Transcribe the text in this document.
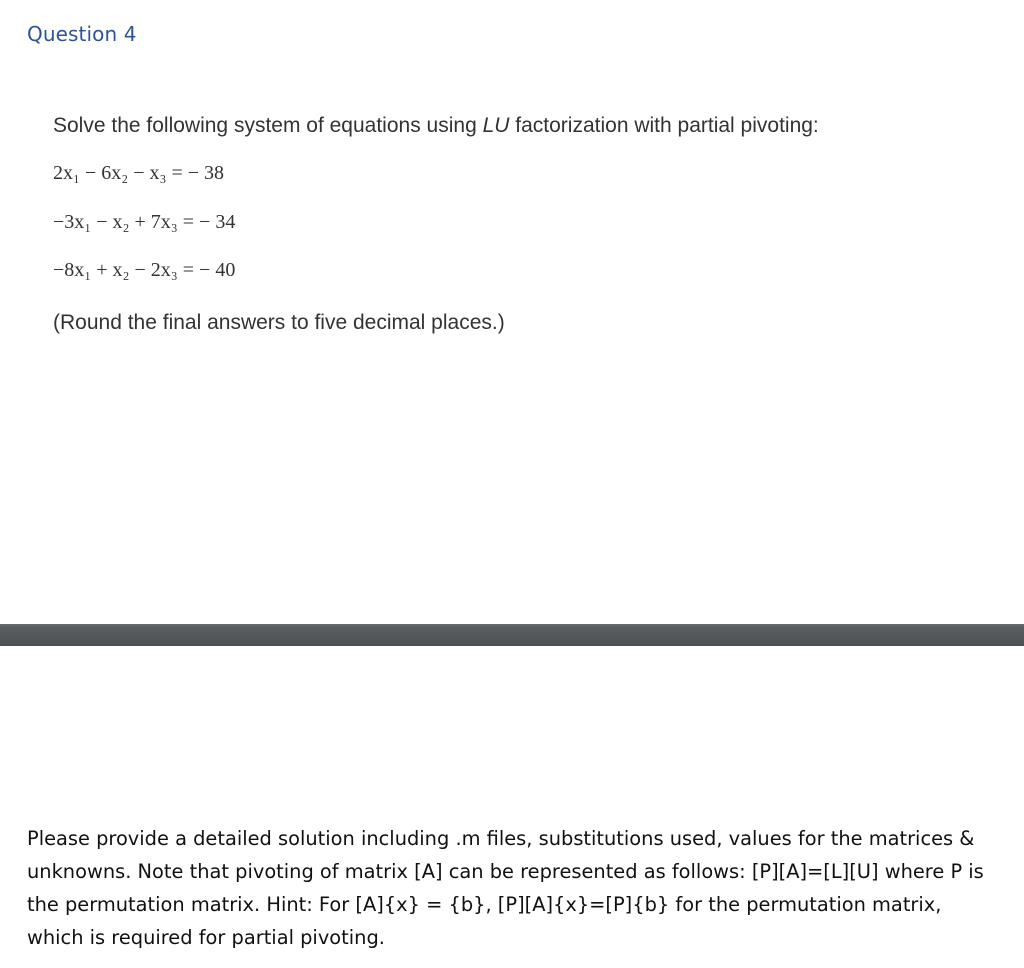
Question 4
Solve the following system of equations using LU factorization with partial pivoting:
2x₁ − 6x₂ − x₃ = − 38
−3x₁ − x₂ + 7x₃ = − 34
−8x₁ + x₂ − 2x₃ = − 40
(Round the final answers to five decimal places.)
Please provide a detailed solution including .m files, substitutions used, values for the matrices & unknowns. Note that pivoting of matrix [A] can be represented as follows: [P][A]=[L][U] where P is the permutation matrix. Hint: For [A]{x} = {b}, [P][A]{x}=[P]{b} for the permutation matrix, which is required for partial pivoting.
